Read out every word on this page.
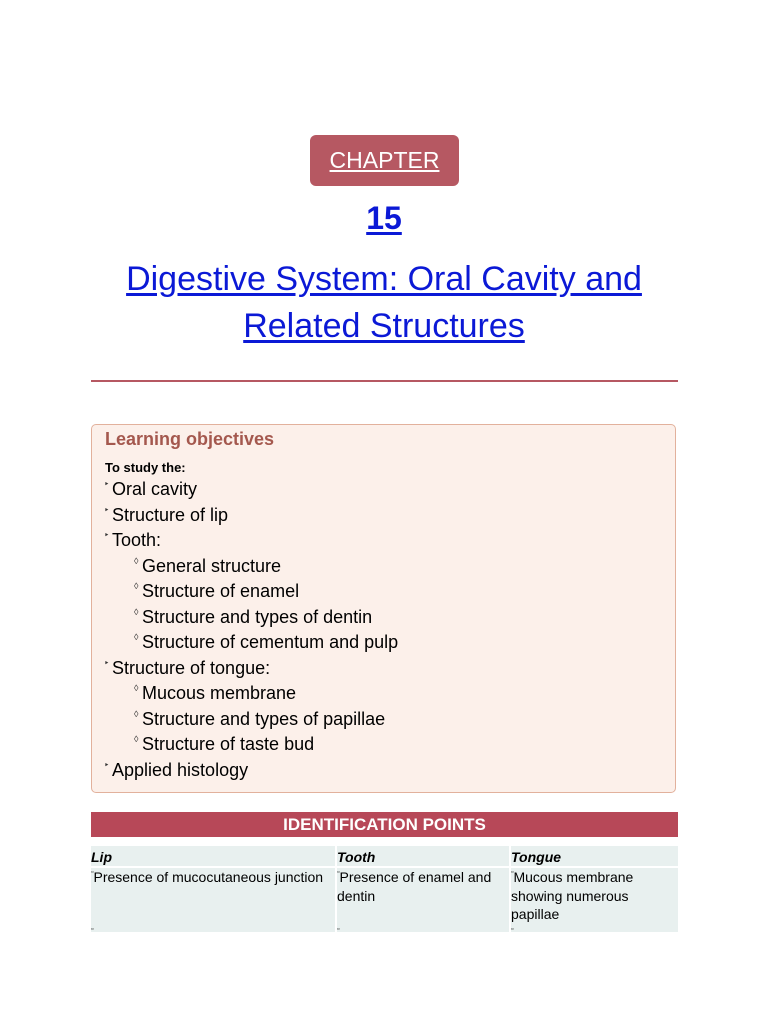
CHAPTER
15
Digestive System: Oral Cavity and Related Structures
Learning objectives
To study the:
‣ Oral cavity
‣ Structure of lip
‣ Tooth:
◊ General structure
◊ Structure of enamel
◊ Structure and types of dentin
◊ Structure of cementum and pulp
‣ Structure of tongue:
◊ Mucous membrane
◊ Structure and types of papillae
◊ Structure of taste bud
‣ Applied histology
IDENTIFICATION POINTS
Lip
▫Presence of mucocutaneous junction
▫
Tooth
▫Presence of enamel and dentin
▫
Tongue
▫Mucous membrane showing numerous papillae
▫
